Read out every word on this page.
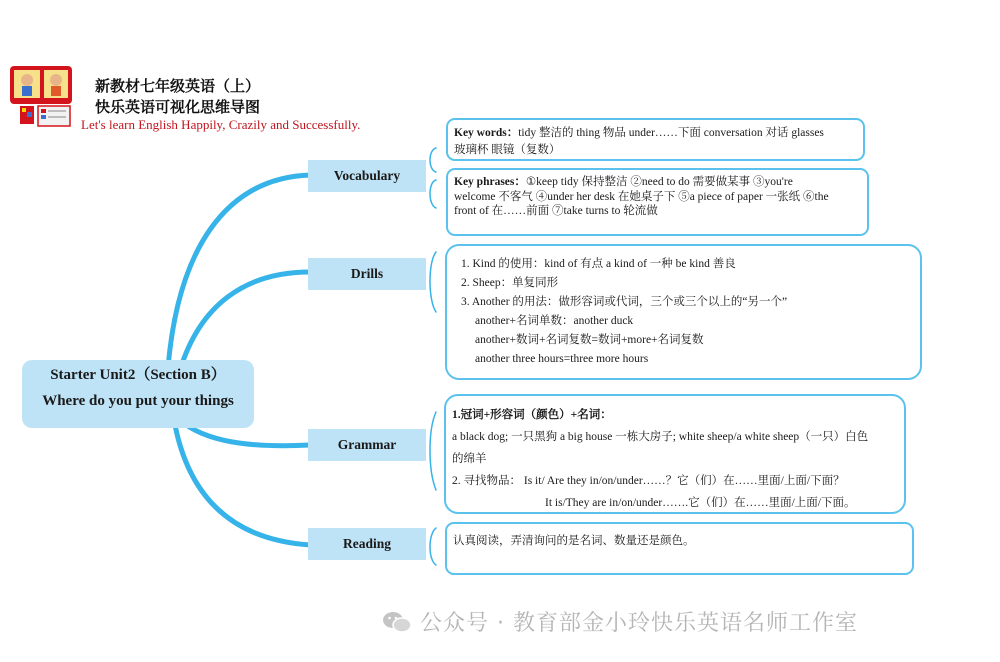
新教材七年级英语（上）
快乐英语可视化思维导图
Let's learn English Happily, Crazily and Successfully.
Starter Unit2（Section B）
Where do you put your things
Vocabulary
Drills
Grammar
Reading

Key words：tidy 整洁的 thing 物品 under……下面 conversation 对话 glasses

玻璃杯 眼镜（复数）

Key phrases：①keep tidy 保持整洁 ②need to do 需要做某事 ③you're

welcome 不客气 ④under her desk 在她桌子下 ⑤a piece of paper 一张纸 ⑥the

front of 在……前面 ⑦take turns to 轮流做

1. Kind 的使用：kind of 有点 a kind of 一种 be kind 善良

2. Sheep：单复同形

3. Another 的用法：做形容词或代词，三个或三个以上的“另一个”

another+名词单数：another duck

another+数词+名词复数=数词+more+名词复数

another three hours=three more hours

1.冠词+形容词（颜色）+名词：

a black dog; 一只黑狗 a big house 一栋大房子; white sheep/a white sheep（一只）白色

的绵羊

2. 寻找物品： Is it/ Are they in/on/under……？它（们）在……里面/上面/下面？

It is/They are in/on/under…….它（们）在……里面/上面/下面。

认真阅读，弄清询问的是名词、数量还是颜色。

公众号 · 教育部金小玲快乐英语名师工作室
